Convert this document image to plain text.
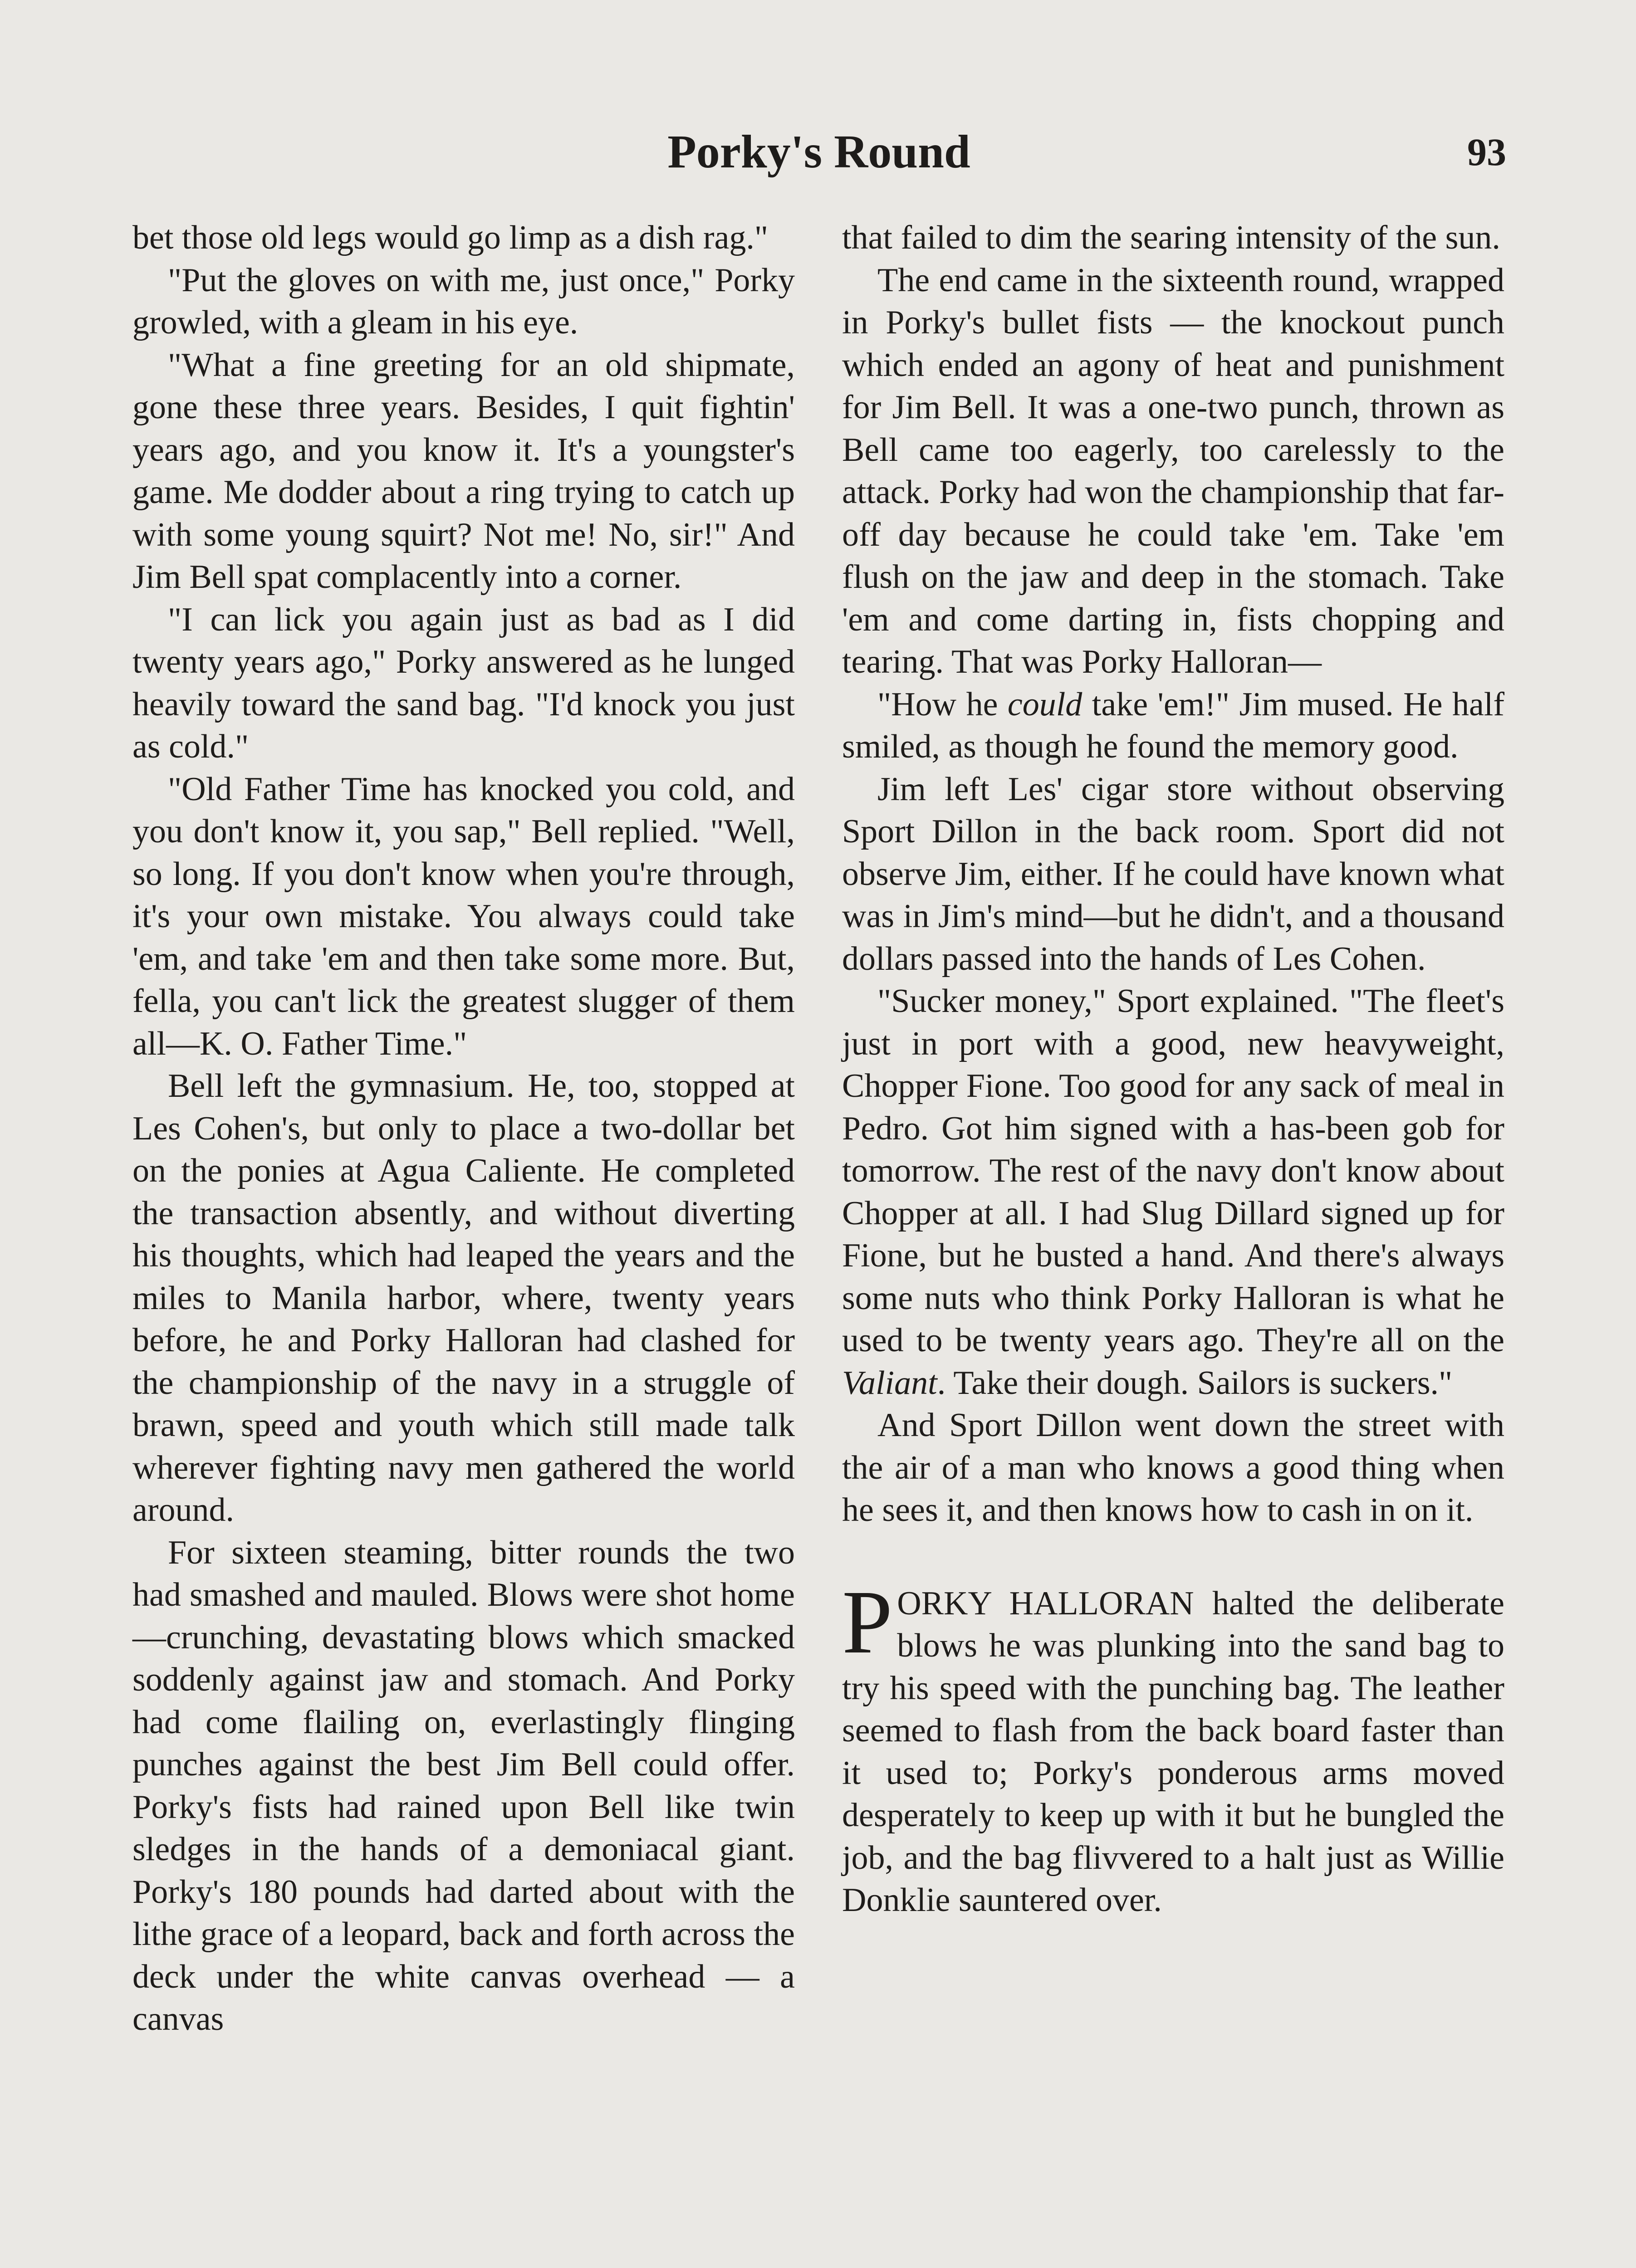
Porky's Round	93

bet those old legs would go limp as a dish rag."

"Put the gloves on with me, just once," Porky growled, with a gleam in his eye.

"What a fine greeting for an old shipmate, gone these three years. Besides, I quit fightin' years ago, and you know it. It's a youngster's game. Me dodder about a ring trying to catch up with some young squirt? Not me! No, sir!" And Jim Bell spat complacently into a corner.

"I can lick you again just as bad as I did twenty years ago," Porky answered as he lunged heavily toward the sand bag. "I'd knock you just as cold."

"Old Father Time has knocked you cold, and you don't know it, you sap," Bell replied. "Well, so long. If you don't know when you're through, it's your own mistake. You always could take 'em, and take 'em and then take some more. But, fella, you can't lick the greatest slugger of them all—K. O. Father Time."

Bell left the gymnasium. He, too, stopped at Les Cohen's, but only to place a two-dollar bet on the ponies at Agua Caliente. He completed the transaction absently, and without diverting his thoughts, which had leaped the years and the miles to Manila harbor, where, twenty years before, he and Porky Halloran had clashed for the championship of the navy in a struggle of brawn, speed and youth which still made talk wherever fighting navy men gathered the world around.

For sixteen steaming, bitter rounds the two had smashed and mauled. Blows were shot home—crunching, devastating blows which smacked soddenly against jaw and stomach. And Porky had come flailing on, everlastingly flinging punches against the best Jim Bell could offer. Porky's fists had rained upon Bell like twin sledges in the hands of a demoniacal giant. Porky's 180 pounds had darted about with the lithe grace of a leopard, back and forth across the deck under the white canvas overhead — a canvas

that failed to dim the searing intensity of the sun.

The end came in the sixteenth round, wrapped in Porky's bullet fists — the knockout punch which ended an agony of heat and punishment for Jim Bell. It was a one-two punch, thrown as Bell came too eagerly, too carelessly to the attack. Porky had won the championship that far-off day because he could take 'em. Take 'em flush on the jaw and deep in the stomach. Take 'em and come darting in, fists chopping and tearing. That was Porky Halloran—

"How he could take 'em!" Jim mused. He half smiled, as though he found the memory good.

Jim left Les' cigar store without observing Sport Dillon in the back room. Sport did not observe Jim, either. If he could have known what was in Jim's mind—but he didn't, and a thousand dollars passed into the hands of Les Cohen.

"Sucker money," Sport explained. "The fleet's just in port with a good, new heavyweight, Chopper Fione. Too good for any sack of meal in Pedro. Got him signed with a has-been gob for tomorrow. The rest of the navy don't know about Chopper at all. I had Slug Dillard signed up for Fione, but he busted a hand. And there's always some nuts who think Porky Halloran is what he used to be twenty years ago. They're all on the Valiant. Take their dough. Sailors is suckers."

And Sport Dillon went down the street with the air of a man who knows a good thing when he sees it, and then knows how to cash in on it.

PORKY HALLORAN halted the deliberate blows he was plunking into the sand bag to try his speed with the punching bag. The leather seemed to flash from the back board faster than it used to; Porky's ponderous arms moved desperately to keep up with it but he bungled the job, and the bag flivvered to a halt just as Willie Donklie sauntered over.
